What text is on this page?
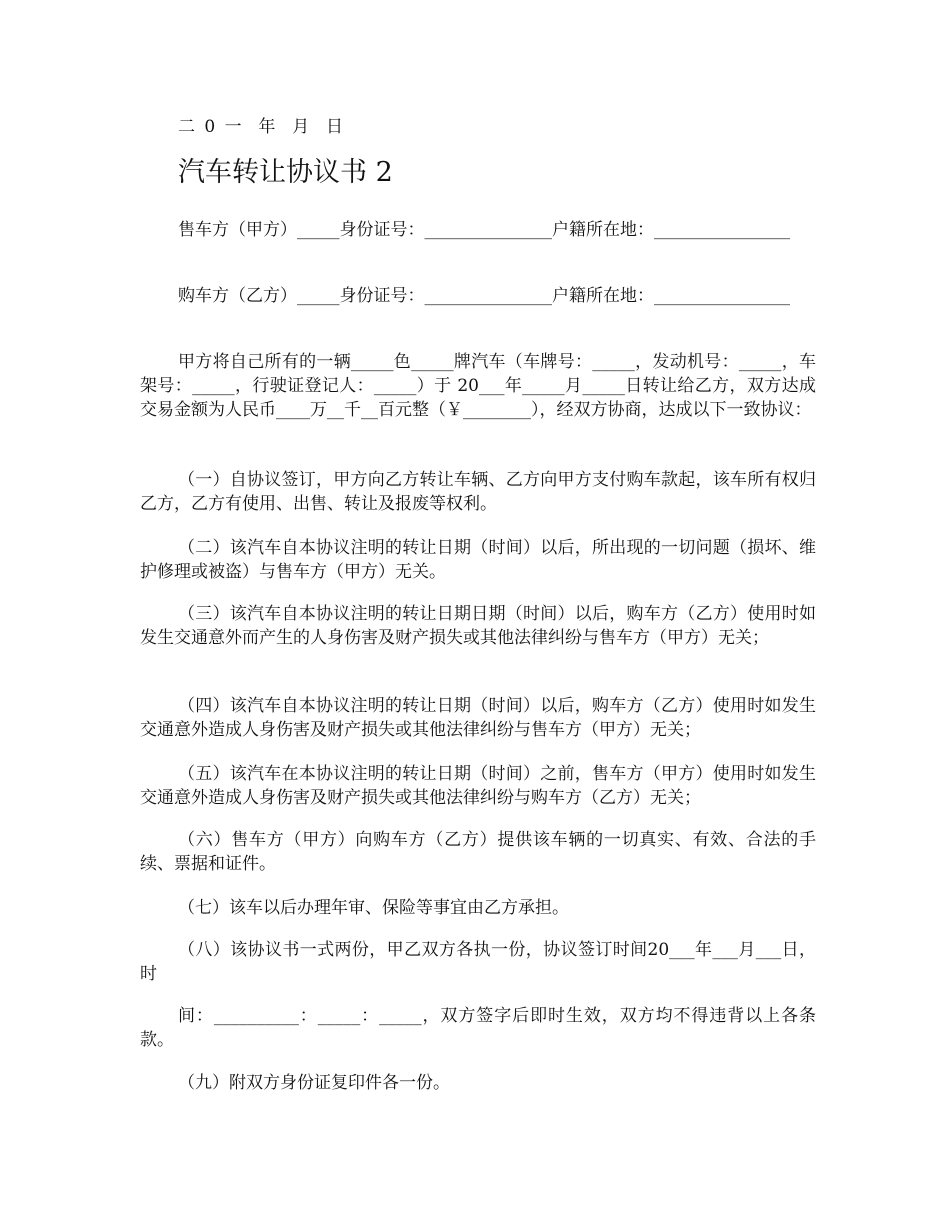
二 0 一  年  月  日
汽车转让协议书 2

售车方（甲方）_____身份证号：_______________户籍所在地：________________

购车方（乙方）_____身份证号：_______________户籍所在地：________________

甲方将自己所有的一辆_____色_____牌汽车（车牌号：_____，发动机号：_____，车架号：_____，行驶证登记人：_____）于 20___年_____月_____日转让给乙方，双方达成交易金额为人民币____万__千__百元整（￥________），经双方协商，达成以下一致协议：

（一）自协议签订，甲方向乙方转让车辆、乙方向甲方支付购车款起，该车所有权归乙方，乙方有使用、出售、转让及报废等权利。

（二）该汽车自本协议注明的转让日期（时间）以后，所出现的一切问题（损坏、维护修理或被盗）与售车方（甲方）无关。

（三）该汽车自本协议注明的转让日期日期（时间）以后，购车方（乙方）使用时如发生交通意外而产生的人身伤害及财产损失或其他法律纠纷与售车方（甲方）无关；

（四）该汽车自本协议注明的转让日期（时间）以后，购车方（乙方）使用时如发生交通意外造成人身伤害及财产损失或其他法律纠纷与售车方（甲方）无关；

（五）该汽车在本协议注明的转让日期（时间）之前，售车方（甲方）使用时如发生交通意外造成人身伤害及财产损失或其他法律纠纷与购车方（乙方）无关；

（六）售车方（甲方）向购车方（乙方）提供该车辆的一切真实、有效、合法的手续、票据和证件。

（七）该车以后办理年审、保险等事宜由乙方承担。

（八）该协议书一式两份，甲乙双方各执一份，协议签订时间20___年___月___日，时

间：__________：_____：_____，双方签字后即时生效，双方均不得违背以上各条款。

（九）附双方身份证复印件各一份。
